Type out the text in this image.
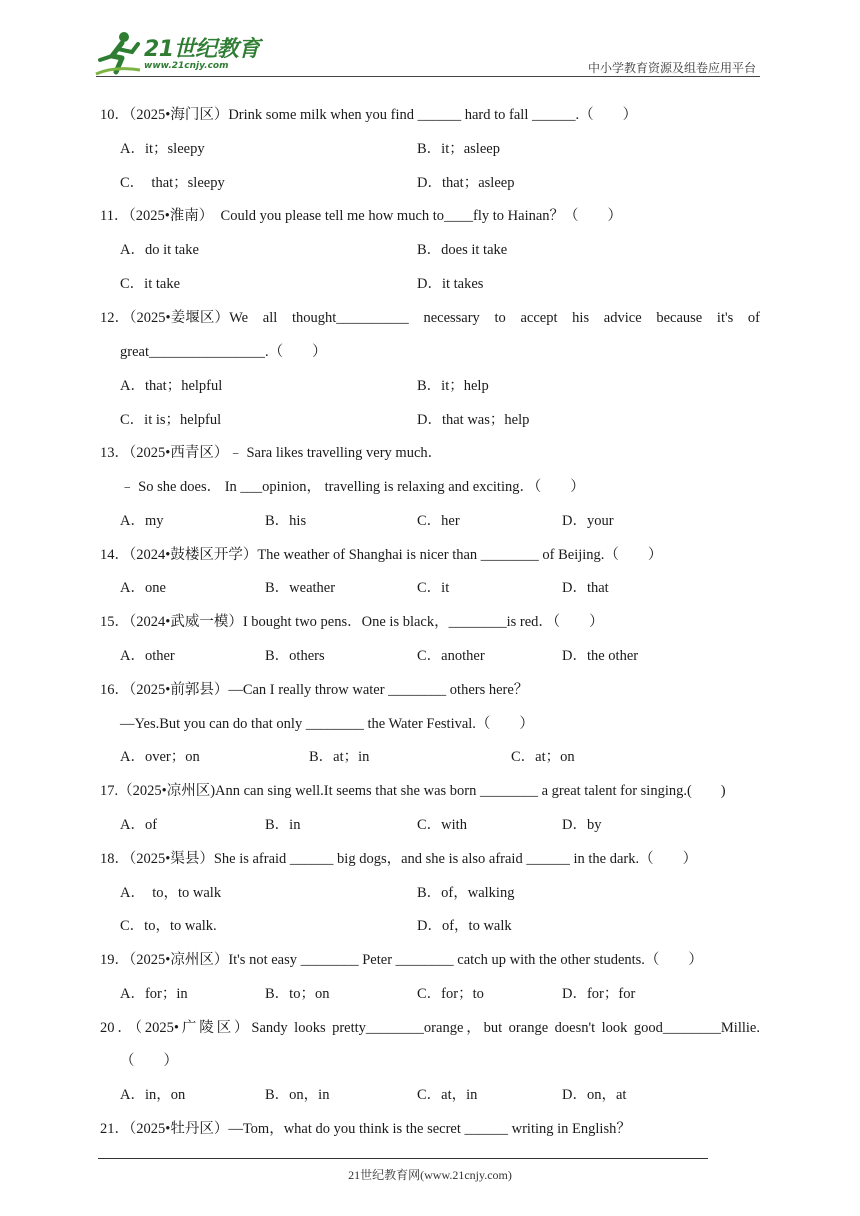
21世纪教育
www.21cnjy.com	中小学教育资源及组卷应用平台
10．（2025•海门区）Drink some milk when you find ______ hard to fall ______.（　　）
A．it；sleepy	B．it；asleep
C．　that；sleepy	D．that；asleep
11．（2025•淮南）　Could you please tell me how much to____fly to Hainan？（　　）
A．do it take	B．does it take
C．it take	D．it takes
12．（2025•姜堰区）We　all　thought__________　necessary　to　accept　his　advice　because　it's　of
great________________.（　　）
A．that；helpful	B．it；help
C．it is；helpful	D．that was；help
13．（2025•西青区）﹣ Sara likes travelling very much．
﹣ So she does． In ___opinion， travelling is relaxing and exciting．（　　）
A．my	B．his	C．her	D．your
14．（2024•鼓楼区开学）The weather of Shanghai is nicer than ________ of Beijing.（　　）
A．one	B．weather	C．it	D．that
15．（2024•武威一模）I bought two pens．One is black，________is red．（　　）
A．other	B．others	C．another	D．the other
16．（2025•前郭县）—Can I really throw water ________ others here？
—Yes.But you can do that only ________ the Water Festival.（　　）
A．over；on	B．at；in	C．at；on
17.（2025•凉州区)Ann can sing well.It seems that she was born ________ a great talent for singing.(　　)
A．of	B．in	C．with	D．by
18．（2025•渠县）She is afraid ______ big dogs，and she is also afraid ______ in the dark.（　　）
A．　to，to walk	B．of，walking
C．to，to walk.	D．of，to walk
19．（2025•凉州区）It's not easy ________ Peter ________ catch up with the other students.（　　）
A．for；in	B．to；on	C．for；to	D．for；for
20．（2025•广陵区）Sandy looks pretty________orange，but orange doesn't look good________Millie.
（　　）
A．in，on	B．on，in	C．at，in	D．on，at
21．（2025•牡丹区）—Tom，what do you think is the secret ______ writing in English？
21世纪教育网(www.21cnjy.com)
